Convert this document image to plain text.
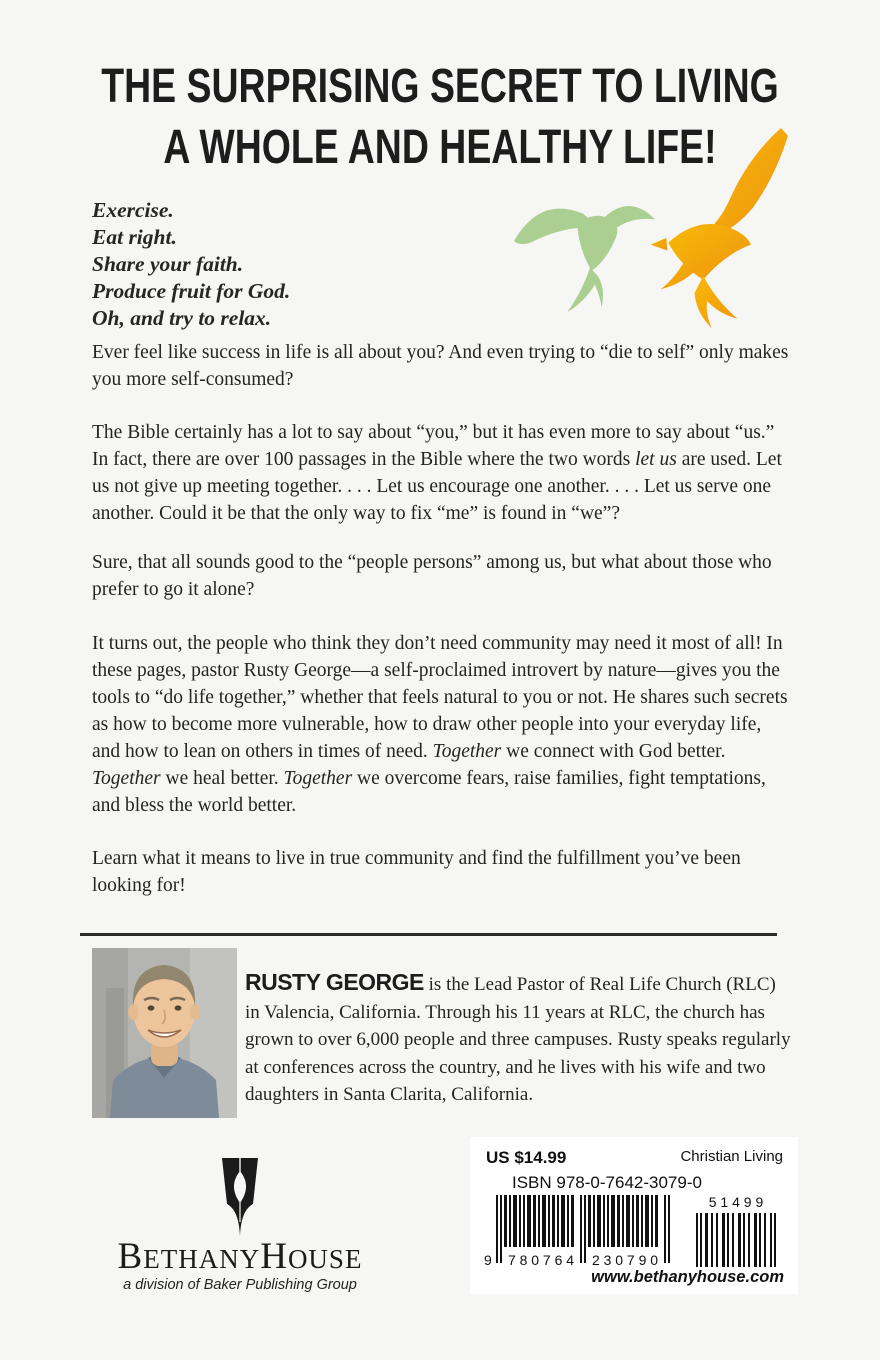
THE SURPRISING SECRET TO LIVING
A WHOLE AND HEALTHY LIFE!
Exercise.
Eat right.
Share your faith.
Produce fruit for God.
Oh, and try to relax.

Ever feel like success in life is all about you? And even trying to “die to self” only makes you more self-consumed?

The Bible certainly has a lot to say about “you,” but it has even more to say about “us.” In fact, there are over 100 passages in the Bible where the two words let us are used. Let us not give up meeting together. . . . Let us encourage one another. . . . Let us serve one another. Could it be that the only way to fix “me” is found in “we”?

Sure, that all sounds good to the “people persons” among us, but what about those who prefer to go it alone?

It turns out, the people who think they don’t need community may need it most of all! In these pages, pastor Rusty George—a self-proclaimed introvert by nature—gives you the tools to “do life together,” whether that feels natural to you or not. He shares such secrets as how to become more vulnerable, how to draw other people into your everyday life, and how to lean on others in times of need. Together we connect with God better. Together we heal better. Together we overcome fears, raise families, fight temptations, and bless the world better.

Learn what it means to live in true community and find the fulfillment you’ve been looking for!

RUSTY GEORGE is the Lead Pastor of Real Life Church (RLC) in Valencia, California. Through his 11 years at RLC, the church has grown to over 6,000 people and three campuses. Rusty speaks regularly at conferences across the country, and he lives with his wife and two daughters in Santa Clarita, California.

BETHANYHOUSE
a division of Baker Publishing Group
US $14.99	Christian Living
ISBN 978-0-7642-3079-0
9 780764 230790
5 1 4 9 9
www.bethanyhouse.com
